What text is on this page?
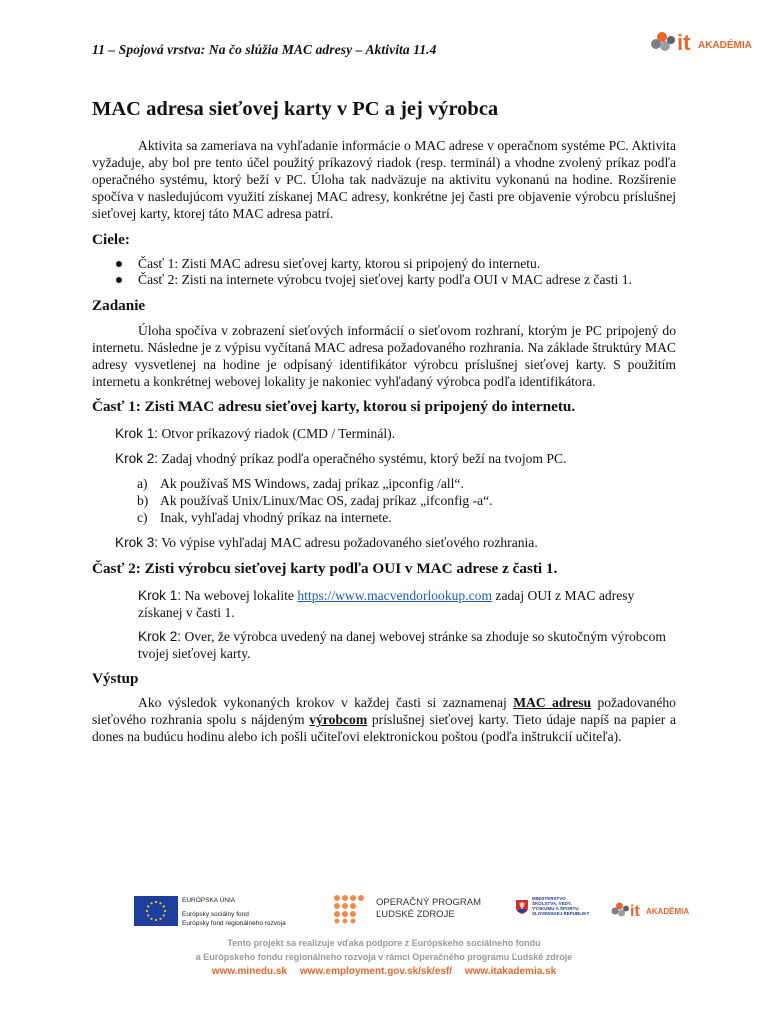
11 – Spojová vrstva: Na čo slúžia MAC adresy – Aktivita 11.4	it AKADÉMIA
MAC adresa sieťovej karty v PC a jej výrobca

Aktivita sa zameriava na vyhľadanie informácie o MAC adrese v operačnom systéme PC. Aktivita vyžaduje, aby bol pre tento účel použitý príkazový riadok (resp. terminál) a vhodne zvolený príkaz podľa operačného systému, ktorý beží v PC. Úloha tak nadväzuje na aktivitu vykonanú na hodine. Rozšírenie spočíva v nasledujúcom využití získanej MAC adresy, konkrétne jej časti pre objavenie výrobcu príslušnej sieťovej karty, ktorej táto MAC adresa patrí.

Ciele:
Časť 1: Zisti MAC adresu sieťovej karty, ktorou si pripojený do internetu.
Časť 2: Zisti na internete výrobcu tvojej sieťovej karty podľa OUI v MAC adrese z časti 1.
Zadanie

Úloha spočíva v zobrazení sieťových informácií o sieťovom rozhraní, ktorým je PC pripojený do internetu. Následne je z výpisu vyčítaná MAC adresa požadovaného rozhrania. Na základe štruktúry MAC adresy vysvetlenej na hodine je odpísaný identifikátor výrobcu príslušnej sieťovej karty. S použitím internetu a konkrétnej webovej lokality je nakoniec vyhľadaný výrobca podľa identifikátora.

Časť 1: Zisti MAC adresu sieťovej karty, ktorou si pripojený do internetu.
Krok 1: Otvor príkazový riadok (CMD / Terminál).
Krok 2: Zadaj vhodný príkaz podľa operačného systému, ktorý beží na tvojom PC.
a) Ak používaš MS Windows, zadaj príkaz „ipconfig /all“.
b) Ak používaš Unix/Linux/Mac OS, zadaj príkaz „ifconfig -a“.
c) Inak, vyhľadaj vhodný príkaz na internete.
Krok 3: Vo výpise vyhľadaj MAC adresu požadovaného sieťového rozhrania.
Časť 2: Zisti výrobcu sieťovej karty podľa OUI v MAC adrese z časti 1.
Krok 1: Na webovej lokalite https://www.macvendorlookup.com zadaj OUI z MAC adresy získanej v časti 1.
Krok 2: Over, že výrobca uvedený na danej webovej stránke sa zhoduje so skutočným výrobcom tvojej sieťovej karty.
Výstup

Ako výsledok vykonaných krokov v každej časti si zaznamenaj MAC adresu požadovaného sieťového rozhrania spolu s nájdeným výrobcom príslušnej sieťovej karty. Tieto údaje napíš na papier a dones na budúcu hodinu alebo ich pošli učiteľovi elektronickou poštou (podľa inštrukcií učiteľa).

EURÓPSKA ÚNIA
Európsky sociálny fond
Európsky fond regionálneho rozvoja
OPERAČNÝ PROGRAM
ĽUDSKÉ ZDROJE
MINISTERSTVO
ŠKOLSTVA, VEDY,
VÝSKUMU A ŠPORTU
SLOVENSKEJ REPUBLIKY	it AKADÉMIA
Tento projekt sa realizuje vďaka podpore z Európskeho sociálneho fondu
a Európskeho fondu regionálneho rozvoja v rámci Operačného programu Ľudské zdroje
www.minedu.sk www.employment.gov.sk/sk/esf/ www.itakademia.sk
